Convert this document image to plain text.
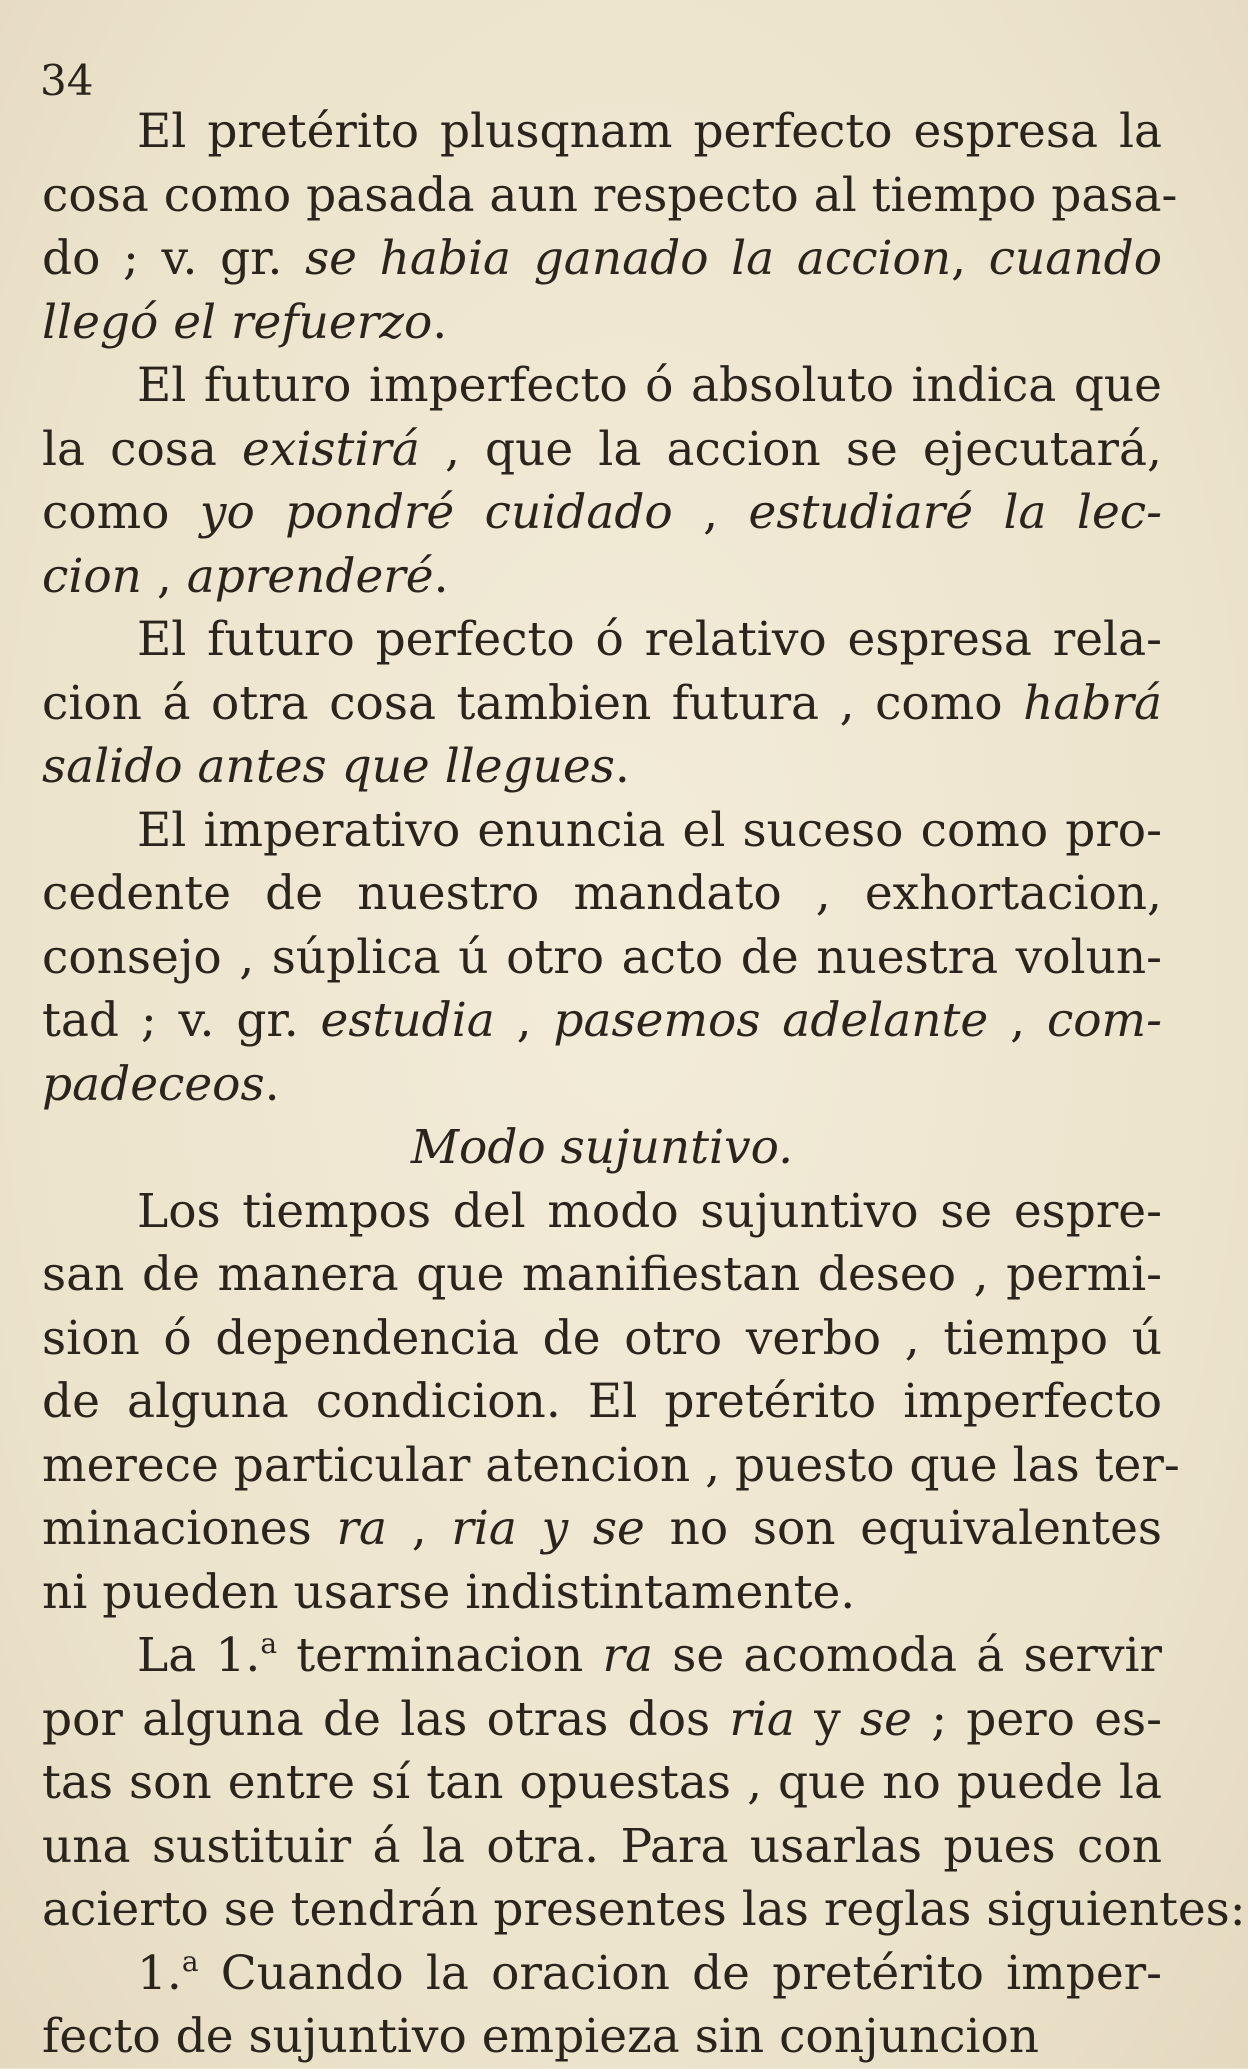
34
El pretérito plusqnam perfecto espresa la
cosa como pasada aun respecto al tiempo pasa-
do ; v. gr. se habia ganado la accion, cuando
llegó el refuerzo.
El futuro imperfecto ó absoluto indica que
la cosa existirá , que la accion se ejecutará,
como yo pondré cuidado , estudiaré la lec-
cion , aprenderé.
El futuro perfecto ó relativo espresa rela-
cion á otra cosa tambien futura , como habrá
salido antes que llegues.
El imperativo enuncia el suceso como pro-
cedente de nuestro mandato , exhortacion,
consejo , súplica ú otro acto de nuestra volun-
tad ; v. gr. estudia , pasemos adelante , com-
padeceos.
Modo sujuntivo.
Los tiempos del modo sujuntivo se espre-
san de manera que manifiestan deseo , permi-
sion ó dependencia de otro verbo , tiempo ú
de alguna condicion. El pretérito imperfecto
merece particular atencion , puesto que las ter-
minaciones ra , ria y se no son equivalentes
ni pueden usarse indistintamente.
La 1.$^a$ terminacion ra se acomoda á servir
por alguna de las otras dos ria y se ; pero es-
tas son entre sí tan opuestas , que no puede la
una sustituir á la otra. Para usarlas pues con
acierto se tendrán presentes las reglas siguientes:
1.$^a$ Cuando la oracion de pretérito imper-
fecto de sujuntivo empieza sin conjuncion
